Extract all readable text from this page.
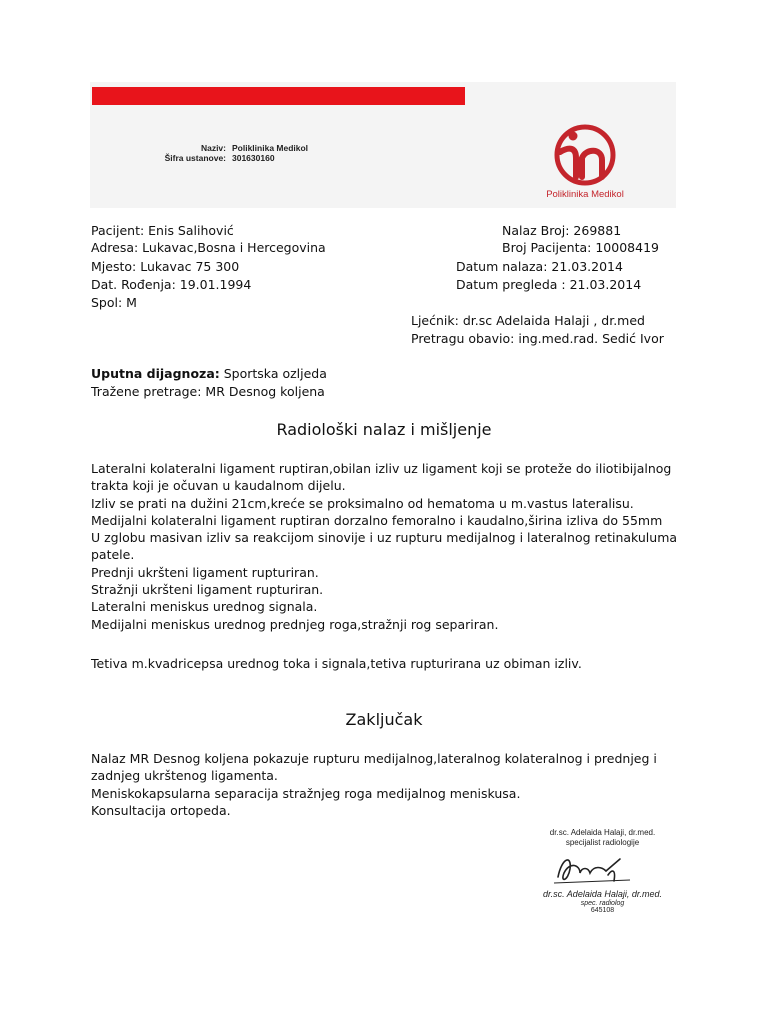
Naziv: Poliklinika Medikol
Šifra ustanove: 301630160
Poliklinika Medikol
Pacijent: Enis Salihović
Adresa: Lukavac,Bosna i Hercegovina
Mjesto: Lukavac 75 300
Dat. Rođenja: 19.01.1994
Spol: M
Nalaz Broj: 269881
Broj Pacijenta: 10008419
Datum nalaza: 21.03.2014
Datum pregleda : 21.03.2014
Ljećnik: dr.sc Adelaida Halaji , dr.med
Pretragu obavio: ing.med.rad. Sedić Ivor
Uputna dijagnoza: Sportska ozljeda
Tražene pretrage: MR Desnog koljena
Radiološki nalaz i mišljenje
Lateralni kolateralni ligament ruptiran,obilan izliv uz ligament koji se proteže do iliotibijalnog
trakta koji je očuvan u kaudalnom dijelu.
Izliv se prati na dužini 21cm,kreće se proksimalno od hematoma u m.vastus lateralisu.
Medijalni kolateralni ligament ruptiran dorzalno femoralno i kaudalno,širina izliva do 55mm
U zglobu masivan izliv sa reakcijom sinovije i uz rupturu medijalnog i lateralnog retinakuluma
patele.
Prednji ukršteni ligament rupturiran.
Stražnji ukršteni ligament rupturiran.
Lateralni meniskus urednog signala.
Medijalni meniskus urednog prednjeg roga,stražnji rog separiran.
Tetiva m.kvadricepsa urednog toka i signala,tetiva rupturirana uz obiman izliv.
Zaključak
Nalaz MR Desnog koljena pokazuje rupturu medijalnog,lateralnog kolateralnog i prednjeg i
zadnjeg ukrštenog ligamenta.
Meniskokapsularna separacija stražnjeg roga medijalnog meniskusa.
Konsultacija ortopeda.
dr.sc. Adelaida Halaji, dr.med.
specijalist radiologije
dr.sc. Adelaida Halaji, dr.med.
spec. radiolog
645108
